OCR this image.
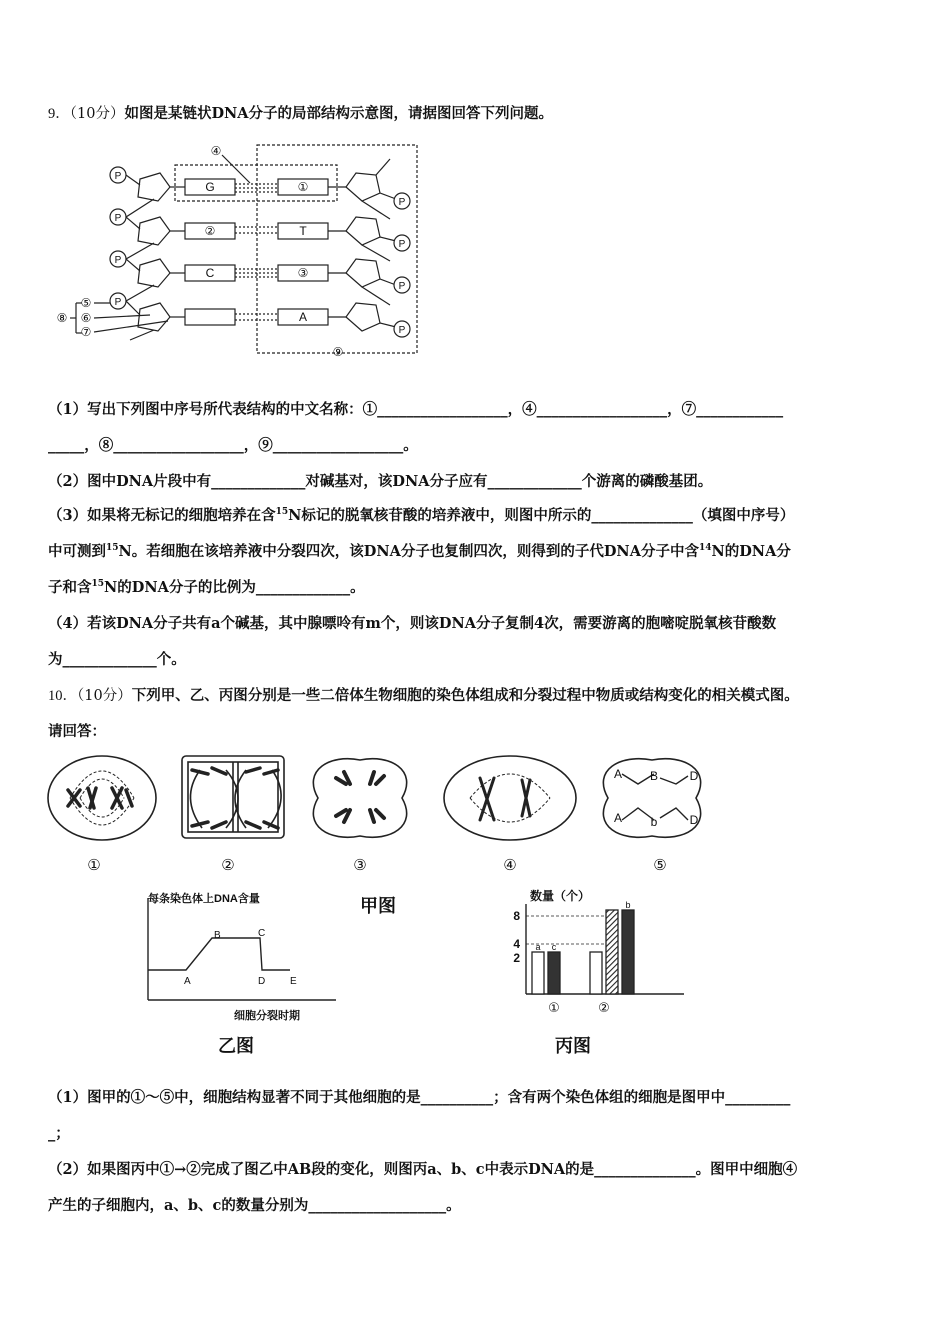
9．（10分）如图是某链状DNA分子的局部结构示意图，请据图回答下列问题。
P
P
P
P
P
P
P
P
G
②
C
①
T
③
A
④
⑤
⑥
⑦
⑧
⑨
（1）写出下列图中序号所代表结构的中文名称：①__________________，④__________________，⑦____________
_____，⑧__________________，⑨__________________。
（2）图中DNA片段中有_____________对碱基对，该DNA分子应有_____________个游离的磷酸基团。
（3）如果将无标记的细胞培养在含$^{15}$N标记的脱氧核苷酸的培养液中，则图中所示的______________（填图中序号）
中可测到$^{15}$N。若细胞在该培养液中分裂四次，该DNA分子也复制四次，则得到的子代DNA分子中含$^{14}$N的DNA分
子和含$^{15}$N的DNA分子的比例为_____________。
（4）若该DNA分子共有a个碱基，其中腺嘌呤有m个，则该DNA分子复制4次，需要游离的胞嘧啶脱氧核苷酸数
为_____________个。
10．（10分）下列甲、乙、丙图分别是一些二倍体生物细胞的染色体组成和分裂过程中物质或结构变化的相关模式图。
请回答：
A B	D
A b	D
①	②	③	④	⑤
甲图
每条染色体上DNA含量
细胞分裂时期
A
B	C
D E
乙图
8
4
2
数量（个）
a c
b
①	②
丙图
（1）图甲的①～⑤中，细胞结构显著不同于其他细胞的是__________；含有两个染色体组的细胞是图甲中_________
_；
（2）如果图丙中①→②完成了图乙中AB段的变化，则图丙a、b、c中表示DNA的是______________。图甲中细胞④
产生的子细胞内，a、b、c的数量分别为___________________。
